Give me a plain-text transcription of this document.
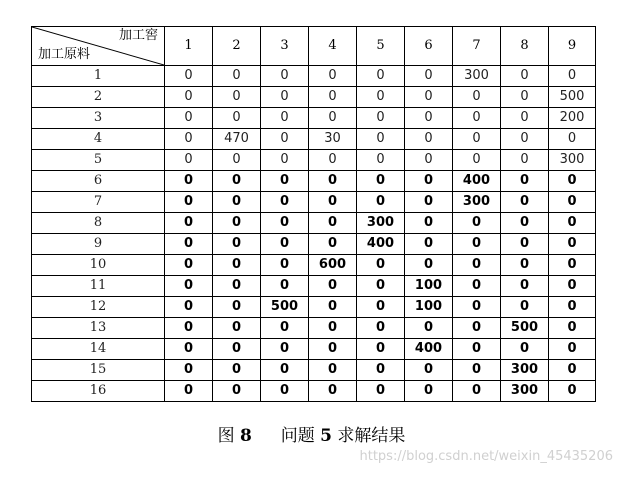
加工窖
加工原料	1	2	3	4	5	6	7	8	9
1	0	0	0	0	0	0	300	0	0
2	0	0	0	0	0	0	0	0	500
3	0	0	0	0	0	0	0	0	200
4	0	470	0	30	0	0	0	0	0
5	0	0	0	0	0	0	0	0	300
6	0	0	0	0	0	0	400	0	0
7	0	0	0	0	0	0	300	0	0
8	0	0	0	0	300	0	0	0	0
9	0	0	0	0	400	0	0	0	0
10	0	0	0	600	0	0	0	0	0
11	0	0	0	0	0	100	0	0	0
12	0	0	500	0	0	100	0	0	0
13	0	0	0	0	0	0	0	500	0
14	0	0	0	0	0	400	0	0	0
15	0	0	0	0	0	0	0	300	0
16	0	0	0	0	0	0	0	300	0
图 8 问题 5 求解结果
https://blog.csdn.net/weixin_45435206
